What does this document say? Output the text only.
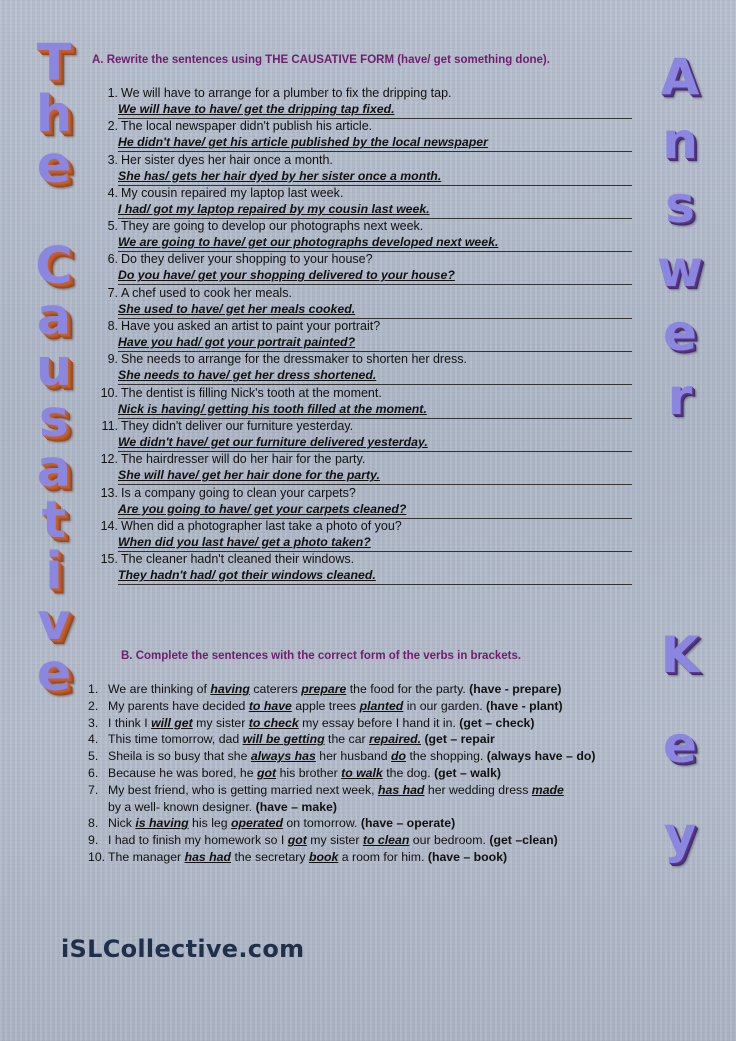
T
h
e

C
a
u
s
a
t
i
v
e
A
n
s
w
e
r
K
e
y
A. Rewrite the sentences using THE CAUSATIVE FORM (have/ get something done).
1. We will have to arrange for a plumber to fix the dripping tap.
We will have to have/ get the dripping tap fixed.
2. The local newspaper didn't publish his article.
He didn't have/ get his article published by the local newspaper
3. Her sister dyes her hair once a month.
She has/ gets her hair dyed by her sister once a month.
4. My cousin repaired my laptop last week.
I had/ got my laptop repaired by my cousin last week.
5. They are going to develop our photographs next week.
We are going to have/ get our photographs developed next week.
6. Do they deliver your shopping to your house?
Do you have/ get your shopping delivered to your house?
7. A chef used to cook her meals.
She used to have/ get her meals cooked.
8. Have you asked an artist to paint your portrait?
Have you had/ got your portrait painted?
9. She needs to arrange for the dressmaker to shorten her dress.
She needs to have/ get her dress shortened.
10. The dentist is filling Nick's tooth at the moment.
Nick is having/ getting his tooth filled at the moment.
11. They didn't deliver our furniture yesterday.
We didn't have/ get our furniture delivered yesterday.
12. The hairdresser will do her hair for the party.
She will have/ get her hair done for the party.
13. Is a company going to clean your carpets?
Are you going to have/ get your carpets cleaned?
14. When did a photographer last take a photo of you?
When did you last have/ get a photo taken?
15. The cleaner hadn't cleaned their windows.
They hadn't had/ got their windows cleaned.
B. Complete the sentences with the correct form of the verbs in brackets.
1. We are thinking of having caterers prepare the food for the party. (have - prepare)
2. My parents have decided to have apple trees planted in our garden. (have - plant)
3. I think I will get my sister to check my essay before I hand it in. (get – check)
4. This time tomorrow, dad will be getting the car repaired. (get – repair
5. Sheila is so busy that she always has her husband do the shopping. (always have – do)
6. Because he was bored, he got his brother to walk the dog. (get – walk)
7. My best friend, who is getting married next week, has had her wedding dress made
by a well- known designer. (have – make)
8. Nick is having his leg operated on tomorrow. (have – operate)
9. I had to finish my homework so I got my sister to clean our bedroom. (get –clean)
10. The manager has had the secretary book a room for him. (have – book)
iSLCollective.com
